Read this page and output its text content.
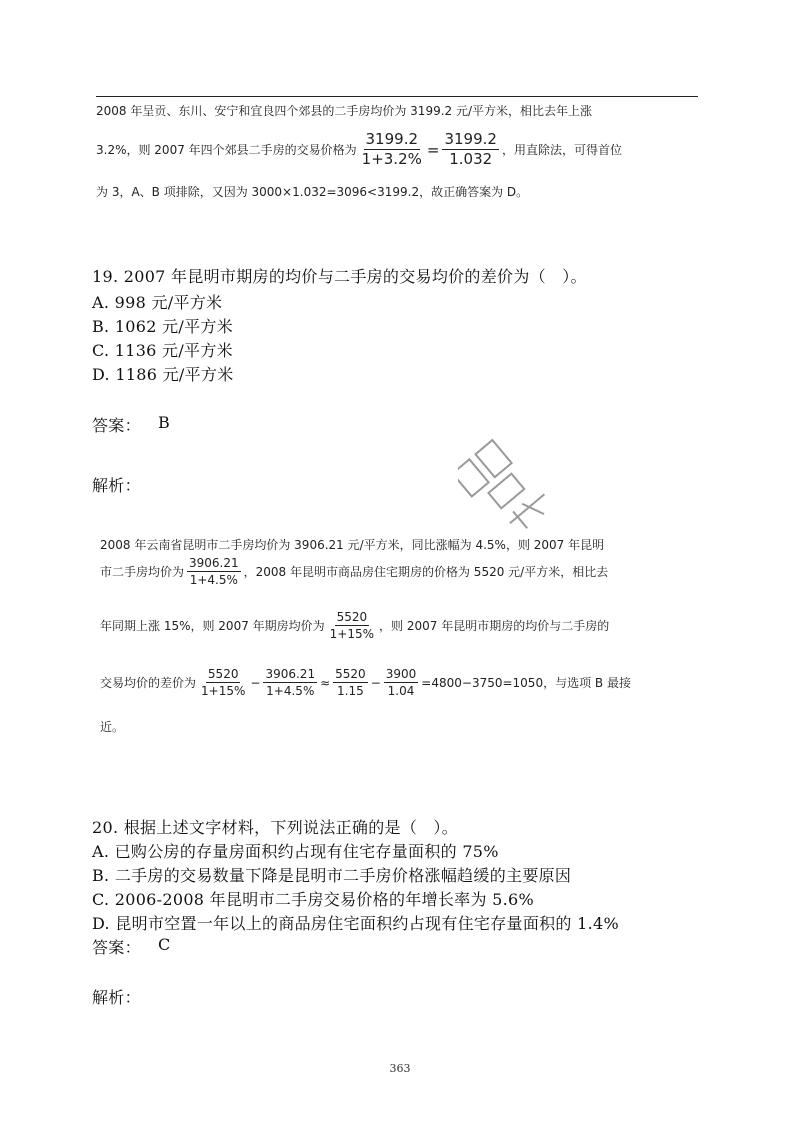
2008 年呈贡、东川、安宁和宜良四个郊县的二手房均价为 3199.2 元/平方米，相比去年上涨
3.2%，则 2007 年四个郊县二手房的交易价格为 $\frac{3199.2}{1+3.2\%} = \frac{3199.2}{1.032}$ ，用直除法，可得首位
为 3，A、B 项排除，又因为 3000×1.032=3096<3199.2，故正确答案为 D。
19. 2007 年昆明市期房的均价与二手房的交易均价的差价为（　）。
A. 998 元/平方米
B. 1062 元/平方米
C. 1136 元/平方米
D. 1186 元/平方米
答案： B
解析：
2008 年云南省昆明市二手房均价为 3906.21 元/平方米，同比涨幅为 4.5%，则 2007 年昆明
市二手房均价为 $\frac{3906.21}{1+4.5\%}$ ，2008 年昆明市商品房住宅期房的价格为 5520 元/平方米，相比去
年同期上涨 15%，则 2007 年期房均价为 $\frac{5520}{1+15\%}$ ，则 2007 年昆明市期房的均价与二手房的
交易均价的差价为 $\frac{5520}{1+15\%} - \frac{3906.21}{1+4.5\%} \approx \frac{5520}{1.15} - \frac{3900}{1.04} =4800-3750=1050$，与选项 B 最接
近。
20. 根据上述文字材料，下列说法正确的是（　）。
A. 已购公房的存量房面积约占现有住宅存量面积的 75%
B. 二手房的交易数量下降是昆明市二手房价格涨幅趋缓的主要原因
C. 2006-2008 年昆明市二手房交易价格的年增长率为 5.6%
D. 昆明市空置一年以上的商品房住宅面积约占现有住宅存量面积的 1.4%
答案： C
解析：
363
